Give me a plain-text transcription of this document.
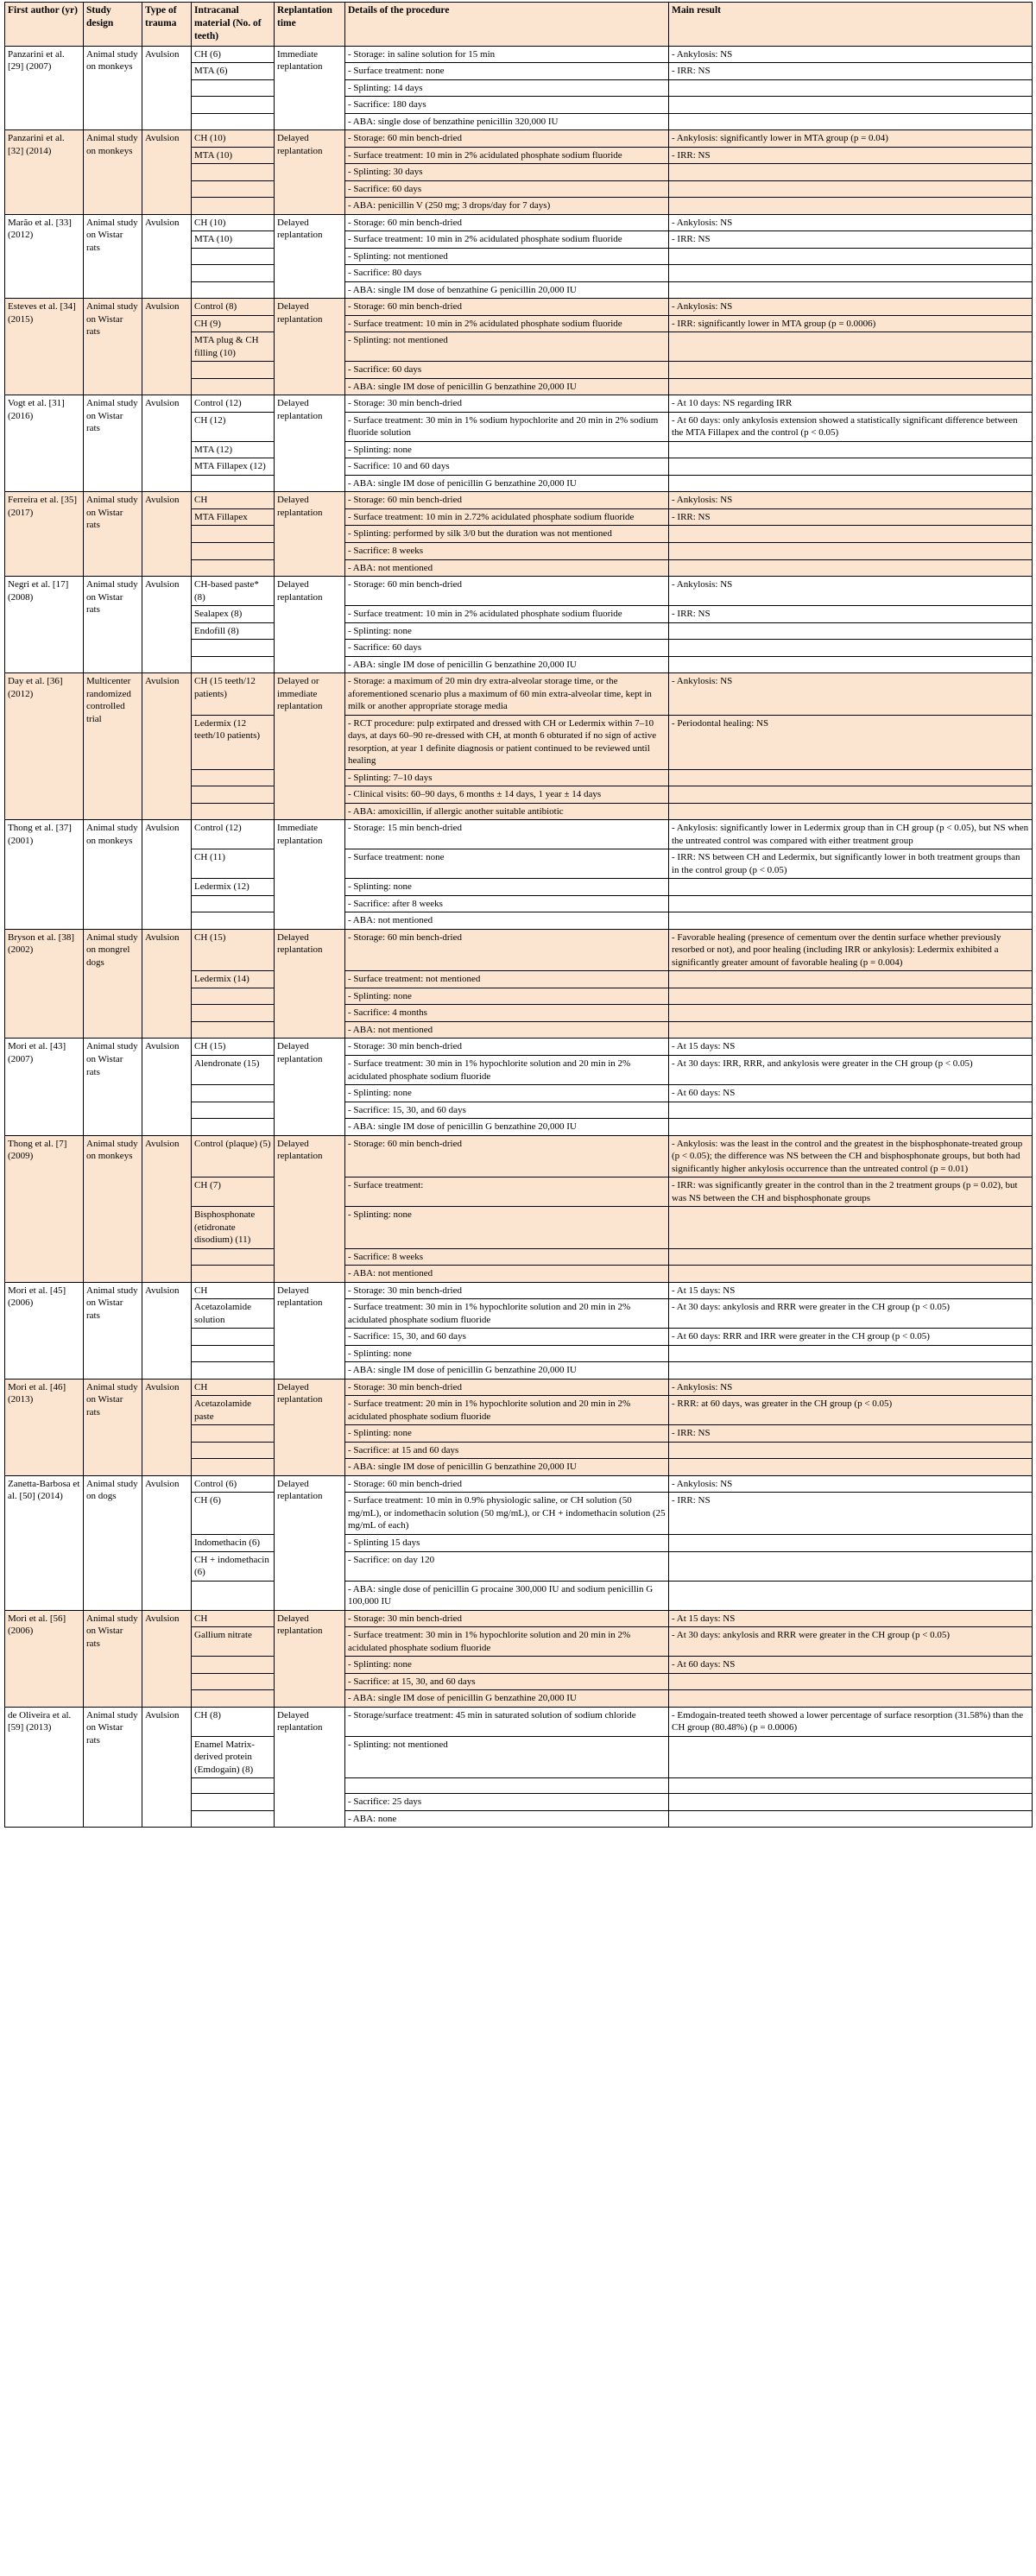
First author (yr)	Study design	Type of trauma	Intracanal material (No. of teeth)	Replantation time	Details of the procedure	Main result
Panzarini et al. [29] (2007)	Animal study on monkeys	Avulsion	CH (6)	Immediate replantation	- Storage: in saline solution for 15 min	- Ankylosis: NS
			MTA (6)		- Surface treatment: none	- IRR: NS
					- Splinting: 14 days	
					- Sacrifice: 180 days	
					- ABA: single dose of benzathine penicillin 320,000 IU	
Panzarini et al. [32] (2014)	Animal study on monkeys	Avulsion	CH (10)	Delayed replantation	- Storage: 60 min bench-dried	- Ankylosis: significantly lower in MTA group (p = 0.04)
			MTA (10)		- Surface treatment: 10 min in 2% acidulated phosphate sodium fluoride	- IRR: NS
					- Splinting: 30 days	
					- Sacrifice: 60 days	
					- ABA: penicillin V (250 mg; 3 drops/day for 7 days)	
Marão et al. [33] (2012)	Animal study on Wistar rats	Avulsion	CH (10)	Delayed replantation	- Storage: 60 min bench-dried	- Ankylosis: NS
			MTA (10)		- Surface treatment: 10 min in 2% acidulated phosphate sodium fluoride	- IRR: NS
					- Splinting: not mentioned	
					- Sacrifice: 80 days	
					- ABA: single IM dose of benzathine G penicillin 20,000 IU	
Esteves et al. [34] (2015)	Animal study on Wistar rats	Avulsion	Control (8)	Delayed replantation	- Storage: 60 min bench-dried	- Ankylosis: NS
			CH (9)		- Surface treatment: 10 min in 2% acidulated phosphate sodium fluoride	- IRR: significantly lower in MTA group (p = 0.0006)
			MTA plug & CH filling (10)		- Splinting: not mentioned	
					- Sacrifice: 60 days	
					- ABA: single IM dose of penicillin G benzathine 20,000 IU	
Vogt et al. [31] (2016)	Animal study on Wistar rats	Avulsion	Control (12)	Delayed replantation	- Storage: 30 min bench-dried	- At 10 days: NS regarding IRR
			CH (12)		- Surface treatment: 30 min in 1% sodium hypochlorite and 20 min in 2% sodium fluoride solution	- At 60 days: only ankylosis extension showed a statistically significant difference between the MTA Fillapex and the control (p < 0.05)
			MTA (12)		- Splinting: none	
			MTA Fillapex (12)		- Sacrifice: 10 and 60 days	
					- ABA: single IM dose of penicillin G benzathine 20,000 IU	
Ferreira et al. [35] (2017)	Animal study on Wistar rats	Avulsion	CH	Delayed replantation	- Storage: 60 min bench-dried	- Ankylosis: NS
			MTA Fillapex		- Surface treatment: 10 min in 2.72% acidulated phosphate sodium fluoride	- IRR: NS
					- Splinting: performed by silk 3/0 but the duration was not mentioned	
					- Sacrifice: 8 weeks	
					- ABA: not mentioned	
Negri et al. [17] (2008)	Animal study on Wistar rats	Avulsion	CH-based paste* (8)	Delayed replantation	- Storage: 60 min bench-dried	- Ankylosis: NS
			Sealapex (8)		- Surface treatment: 10 min in 2% acidulated phosphate sodium fluoride	- IRR: NS
			Endofill (8)		- Splinting: none	
					- Sacrifice: 60 days	
					- ABA: single IM dose of penicillin G benzathine 20,000 IU	
Day et al. [36] (2012)	Multicenter randomized controlled trial	Avulsion	CH (15 teeth/12 patients)	Delayed or immediate replantation	- Storage: a maximum of 20 min dry extra-alveolar storage time, or the aforementioned scenario plus a maximum of 60 min extra-alveolar time, kept in milk or another appropriate storage media	- Ankylosis: NS
			Ledermix (12 teeth/10 patients)		- RCT procedure: pulp extirpated and dressed with CH or Ledermix within 7–10 days, at days 60–90 re-dressed with CH, at month 6 obturated if no sign of active resorption, at year 1 definite diagnosis or patient continued to be reviewed until healing	- Periodontal healing: NS
					- Splinting: 7–10 days	
					- Clinical visits: 60–90 days, 6 months ± 14 days, 1 year ± 14 days	
					- ABA: amoxicillin, if allergic another suitable antibiotic	
Thong et al. [37] (2001)	Animal study on monkeys	Avulsion	Control (12)	Immediate replantation	- Storage: 15 min bench-dried	- Ankylosis: significantly lower in Ledermix group than in CH group (p < 0.05), but NS when the untreated control was compared with either treatment group
			CH (11)		- Surface treatment: none	- IRR: NS between CH and Ledermix, but significantly lower in both treatment groups than in the control group (p < 0.05)
			Ledermix (12)		- Splinting: none	
					- Sacrifice: after 8 weeks	
					- ABA: not mentioned	
Bryson et al. [38] (2002)	Animal study on mongrel dogs	Avulsion	CH (15)	Delayed replantation	- Storage: 60 min bench-dried	- Favorable healing (presence of cementum over the dentin surface whether previously resorbed or not), and poor healing (including IRR or ankylosis): Ledermix exhibited a significantly greater amount of favorable healing (p = 0.004)
			Ledermix (14)		- Surface treatment: not mentioned	
					- Splinting: none	
					- Sacrifice: 4 months	
					- ABA: not mentioned	
Mori et al. [43] (2007)	Animal study on Wistar rats	Avulsion	CH (15)	Delayed replantation	- Storage: 30 min bench-dried	- At 15 days: NS
			Alendronate (15)		- Surface treatment: 30 min in 1% hypochlorite solution and 20 min in 2% acidulated phosphate sodium fluoride	- At 30 days: IRR, RRR, and ankylosis were greater in the CH group (p < 0.05)
					- Splinting: none	- At 60 days: NS
					- Sacrifice: 15, 30, and 60 days	
					- ABA: single IM dose of penicillin G benzathine 20,000 IU	
Thong et al. [7] (2009)	Animal study on monkeys	Avulsion	Control (plaque) (5)	Delayed replantation	- Storage: 60 min bench-dried	- Ankylosis: was the least in the control and the greatest in the bisphosphonate-treated group (p < 0.05); the difference was NS between the CH and bisphosphonate groups, but both had significantly higher ankylosis occurrence than the untreated control (p = 0.01)
			CH (7)		- Surface treatment:	- IRR: was significantly greater in the control than in the 2 treatment groups (p = 0.02), but was NS between the CH and bisphosphonate groups
			Bisphosphonate (etidronate disodium) (11)		- Splinting: none	
					- Sacrifice: 8 weeks	
					- ABA: not mentioned	
Mori et al. [45] (2006)	Animal study on Wistar rats	Avulsion	CH	Delayed replantation	- Storage: 30 min bench-dried	- At 15 days: NS
			Acetazolamide solution		- Surface treatment: 30 min in 1% hypochlorite solution and 20 min in 2% acidulated phosphate sodium fluoride	- At 30 days: ankylosis and RRR were greater in the CH group (p < 0.05)
					- Sacrifice: 15, 30, and 60 days	- At 60 days: RRR and IRR were greater in the CH group (p < 0.05)
					- Splinting: none	
					- ABA: single IM dose of penicillin G benzathine 20,000 IU	
Mori et al. [46] (2013)	Animal study on Wistar rats	Avulsion	CH	Delayed replantation	- Storage: 30 min bench-dried	- Ankylosis: NS
			Acetazolamide paste		- Surface treatment: 20 min in 1% hypochlorite solution and 20 min in 2% acidulated phosphate sodium fluoride	- RRR: at 60 days, was greater in the CH group (p < 0.05)
					- Splinting: none	- IRR: NS
					- Sacrifice: at 15 and 60 days	
					- ABA: single IM dose of penicillin G benzathine 20,000 IU	
Zanetta-Barbosa et al. [50] (2014)	Animal study on dogs	Avulsion	Control (6)	Delayed replantation	- Storage: 60 min bench-dried	- Ankylosis: NS
			CH (6)		- Surface treatment: 10 min in 0.9% physiologic saline, or CH solution (50 mg/mL), or indomethacin solution (50 mg/mL), or CH + indomethacin solution (25 mg/mL of each)	- IRR: NS
			Indomethacin (6)		- Splinting 15 days	
			CH + indomethacin (6)		- Sacrifice: on day 120	
					- ABA: single dose of penicillin G procaine 300,000 IU and sodium penicillin G 100,000 IU	
Mori et al. [56] (2006)	Animal study on Wistar rats	Avulsion	CH	Delayed replantation	- Storage: 30 min bench-dried	- At 15 days: NS
			Gallium nitrate		- Surface treatment: 30 min in 1% hypochlorite solution and 20 min in 2% acidulated phosphate sodium fluoride	- At 30 days: ankylosis and RRR were greater in the CH group (p < 0.05)
					- Splinting: none	- At 60 days: NS
					- Sacrifice: at 15, 30, and 60 days	
					- ABA: single IM dose of penicillin G benzathine 20,000 IU	
de Oliveira et al. [59] (2013)	Animal study on Wistar rats	Avulsion	CH (8)	Delayed replantation	- Storage/surface treatment: 45 min in saturated solution of sodium chloride	- Emdogain-treated teeth showed a lower percentage of surface resorption (31.58%) than the CH group (80.48%) (p = 0.0006)
			Enamel Matrix-derived protein (Emdogain) (8)		- Splinting: not mentioned	

					- Sacrifice: 25 days	
					- ABA: none	
